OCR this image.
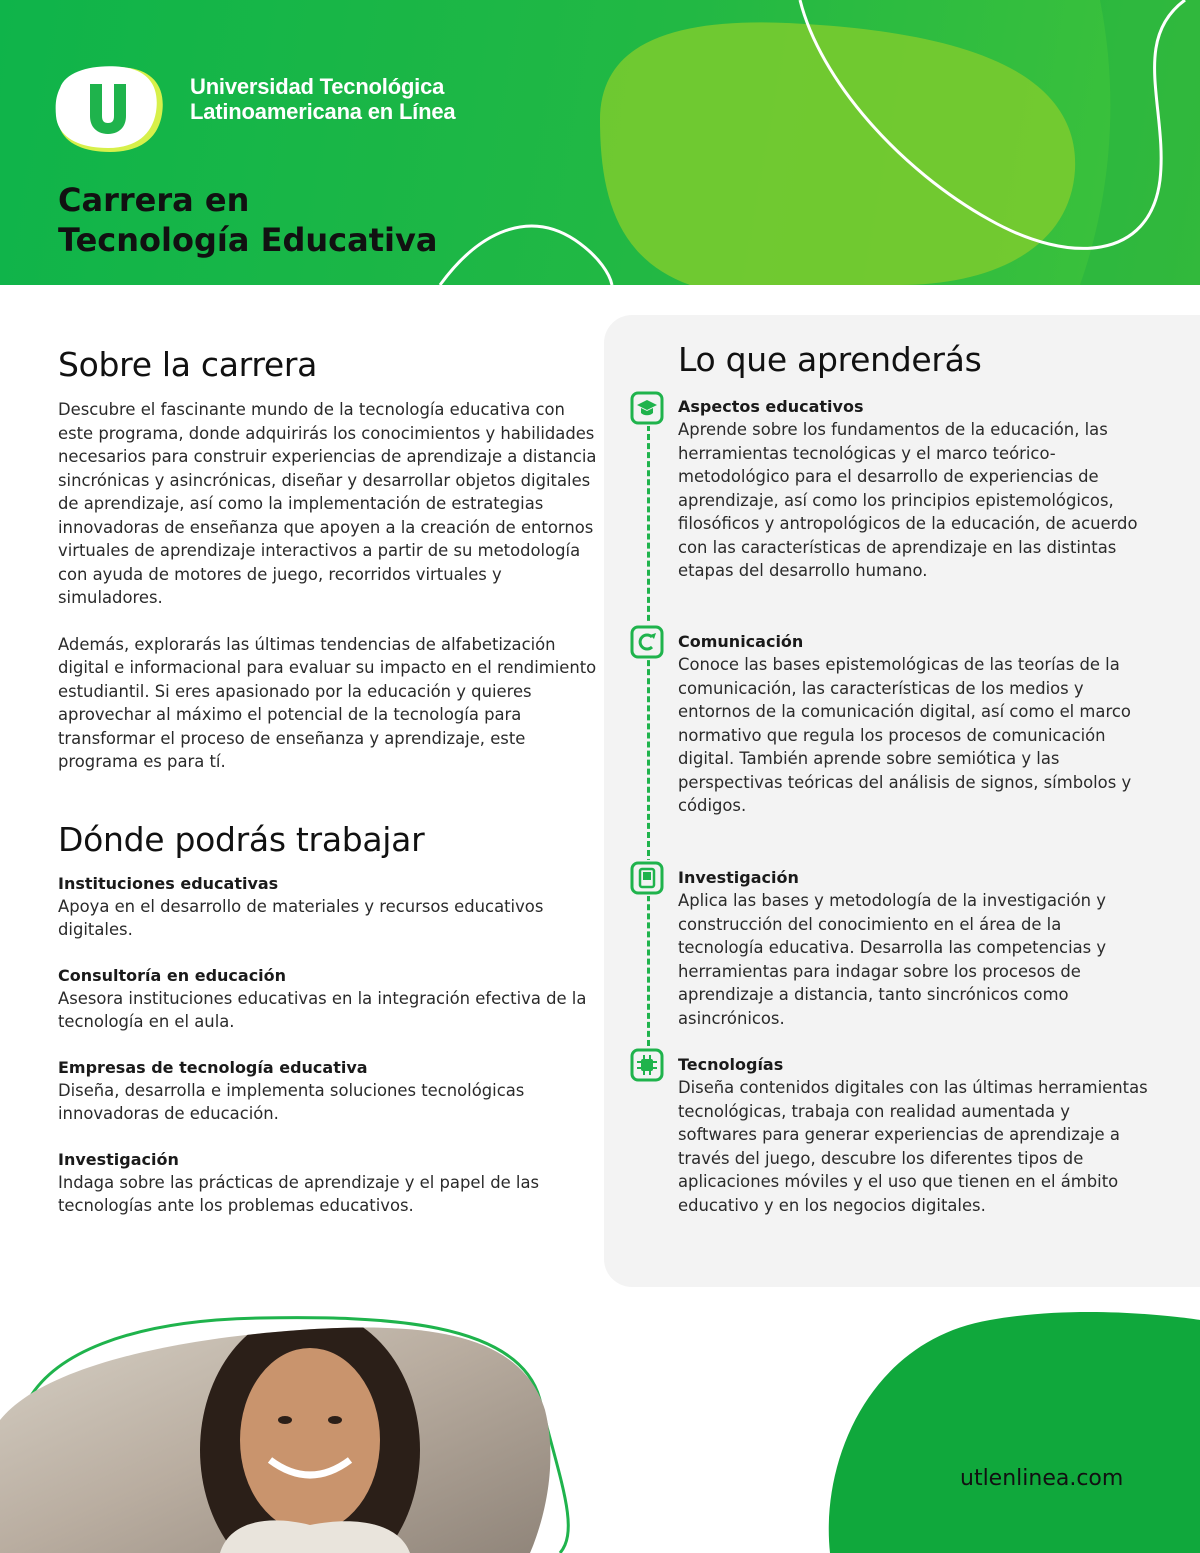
Universidad Tecnológica
Latinoamericana en Línea
Carrera en
Tecnología Educativa
Sobre la carrera

Descubre el fascinante mundo de la tecnología educativa con este programa, donde adquirirás los conocimientos y habilidades necesarios para construir experiencias de aprendizaje a distancia sincrónicas y asincrónicas, diseñar y desarrollar objetos digitales de aprendizaje, así como la implementación de estrategias innovadoras de enseñanza que apoyen a la creación de entornos virtuales de aprendizaje interactivos a partir de su metodología con ayuda de motores de juego, recorridos virtuales y simuladores.

Además, explorarás las últimas tendencias de alfabetización digital e informacional para evaluar su impacto en el rendimiento estudiantil. Si eres apasionado por la educación y quieres aprovechar al máximo el potencial de la tecnología para transformar el proceso de enseñanza y aprendizaje, este programa es para tí.

Dónde podrás trabajar
Instituciones educativas

Apoya en el desarrollo de materiales y recursos educativos digitales.

Consultoría en educación

Asesora instituciones educativas en la integración efectiva de la tecnología en el aula.

Empresas de tecnología educativa

Diseña, desarrolla e implementa soluciones tecnológicas innovadoras de educación.

Investigación

Indaga sobre las prácticas de aprendizaje y el papel de las tecnologías ante los problemas educativos.

Lo que aprenderás
Aspectos educativos

Aprende sobre los fundamentos de la educación, las herramientas tecnológicas y el marco teórico-metodológico para el desarrollo de experiencias de aprendizaje, así como los principios epistemológicos, filosóficos y antropológicos de la educación, de acuerdo con las características de aprendizaje en las distintas etapas del desarrollo humano.

Comunicación

Conoce las bases epistemológicas de las teorías de la comunicación, las características de los medios y entornos de la comunicación digital, así como el marco normativo que regula los procesos de comunicación digital. También aprende sobre semiótica y las perspectivas teóricas del análisis de signos, símbolos y códigos.

Investigación

Aplica las bases y metodología de la investigación y construcción del conocimiento en el área de la tecnología educativa. Desarrolla las competencias y herramientas para indagar sobre los procesos de aprendizaje a distancia, tanto sincrónicos como asincrónicos.

Tecnologías

Diseña contenidos digitales con las últimas herramientas tecnológicas, trabaja con realidad aumentada y softwares para generar experiencias de aprendizaje a través del juego, descubre los diferentes tipos de aplicaciones móviles y el uso que tienen en el ámbito educativo y en los negocios digitales.

utlenlinea.com
